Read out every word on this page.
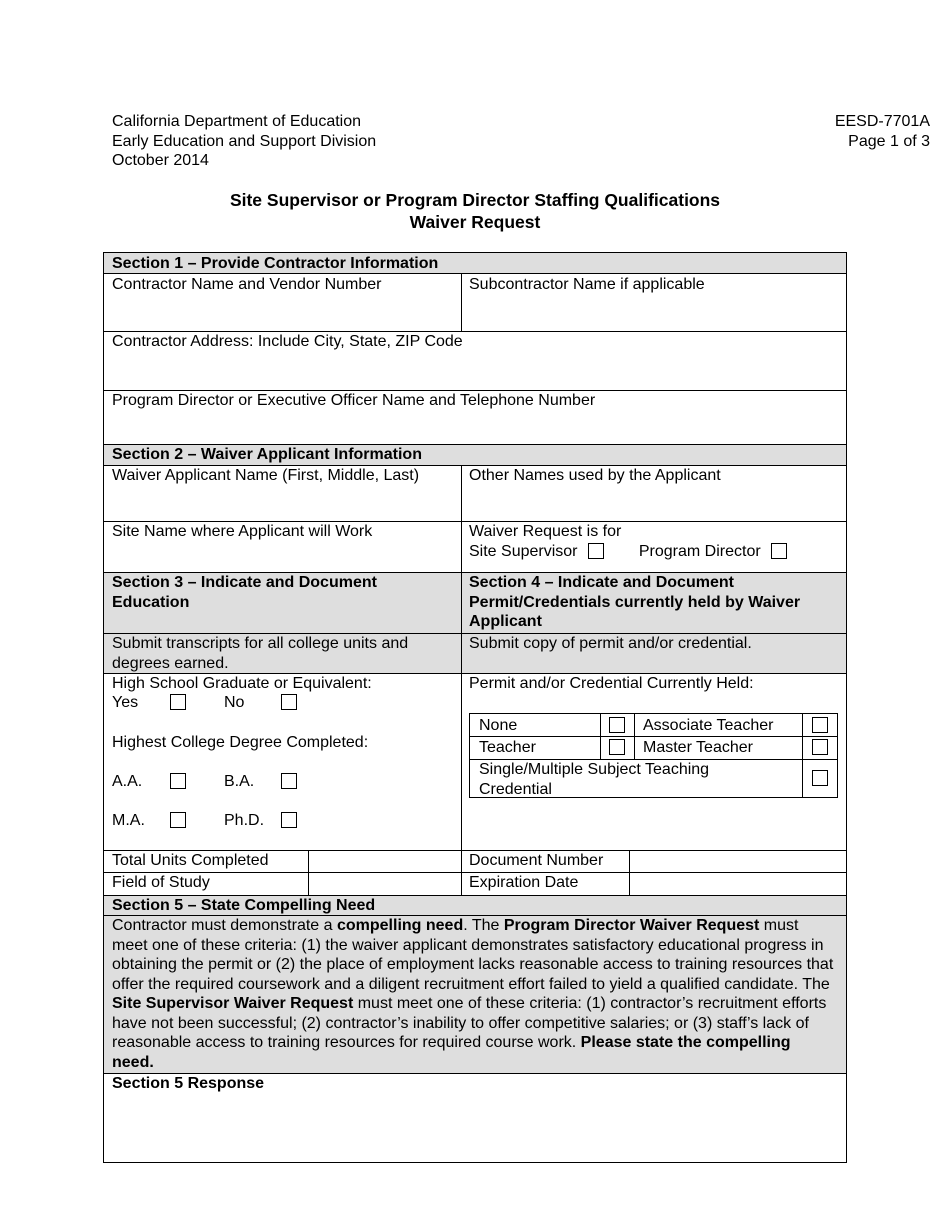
California Department of Education
Early Education and Support Division
October 2014
EESD-7701A
Page 1 of 3
Site Supervisor or Program Director Staffing Qualifications
Waiver Request
Section 1 – Provide Contractor Information
Contractor Name and Vendor Number	Subcontractor Name if applicable
Contractor Address: Include City, State, ZIP Code
Program Director or Executive Officer Name and Telephone Number
Section 2 – Waiver Applicant Information
Waiver Applicant Name (First, Middle, Last)	Other Names used by the Applicant
Site Name where Applicant will Work	Waiver Request is for
Site Supervisor	Program Director
Section 3 – Indicate and Document Education
Section 4 – Indicate and Document Permit/Credentials currently held by Waiver Applicant
Submit transcripts for all college units and degrees earned.
Submit copy of permit and/or credential.
High School Graduate or Equivalent:
Yes	No
Highest College Degree Completed:
A.A.	B.A.
M.A.	Ph.D.
Permit and/or Credential Currently Held:
None	Associate Teacher
Teacher	Master Teacher
Single/Multiple Subject Teaching Credential
Total Units Completed	Document Number
Field of Study	Expiration Date
Section 5 – State Compelling Need
Contractor must demonstrate a compelling need. The Program Director Waiver Request must meet one of these criteria: (1) the waiver applicant demonstrates satisfactory educational progress in obtaining the permit or (2) the place of employment lacks reasonable access to training resources that offer the required coursework and a diligent recruitment effort failed to yield a qualified candidate. The Site Supervisor Waiver Request must meet one of these criteria: (1) contractor’s recruitment efforts have not been successful; (2) contractor’s inability to offer competitive salaries; or (3) staff’s lack of reasonable access to training resources for required course work. Please state the compelling need.
Section 5 Response
